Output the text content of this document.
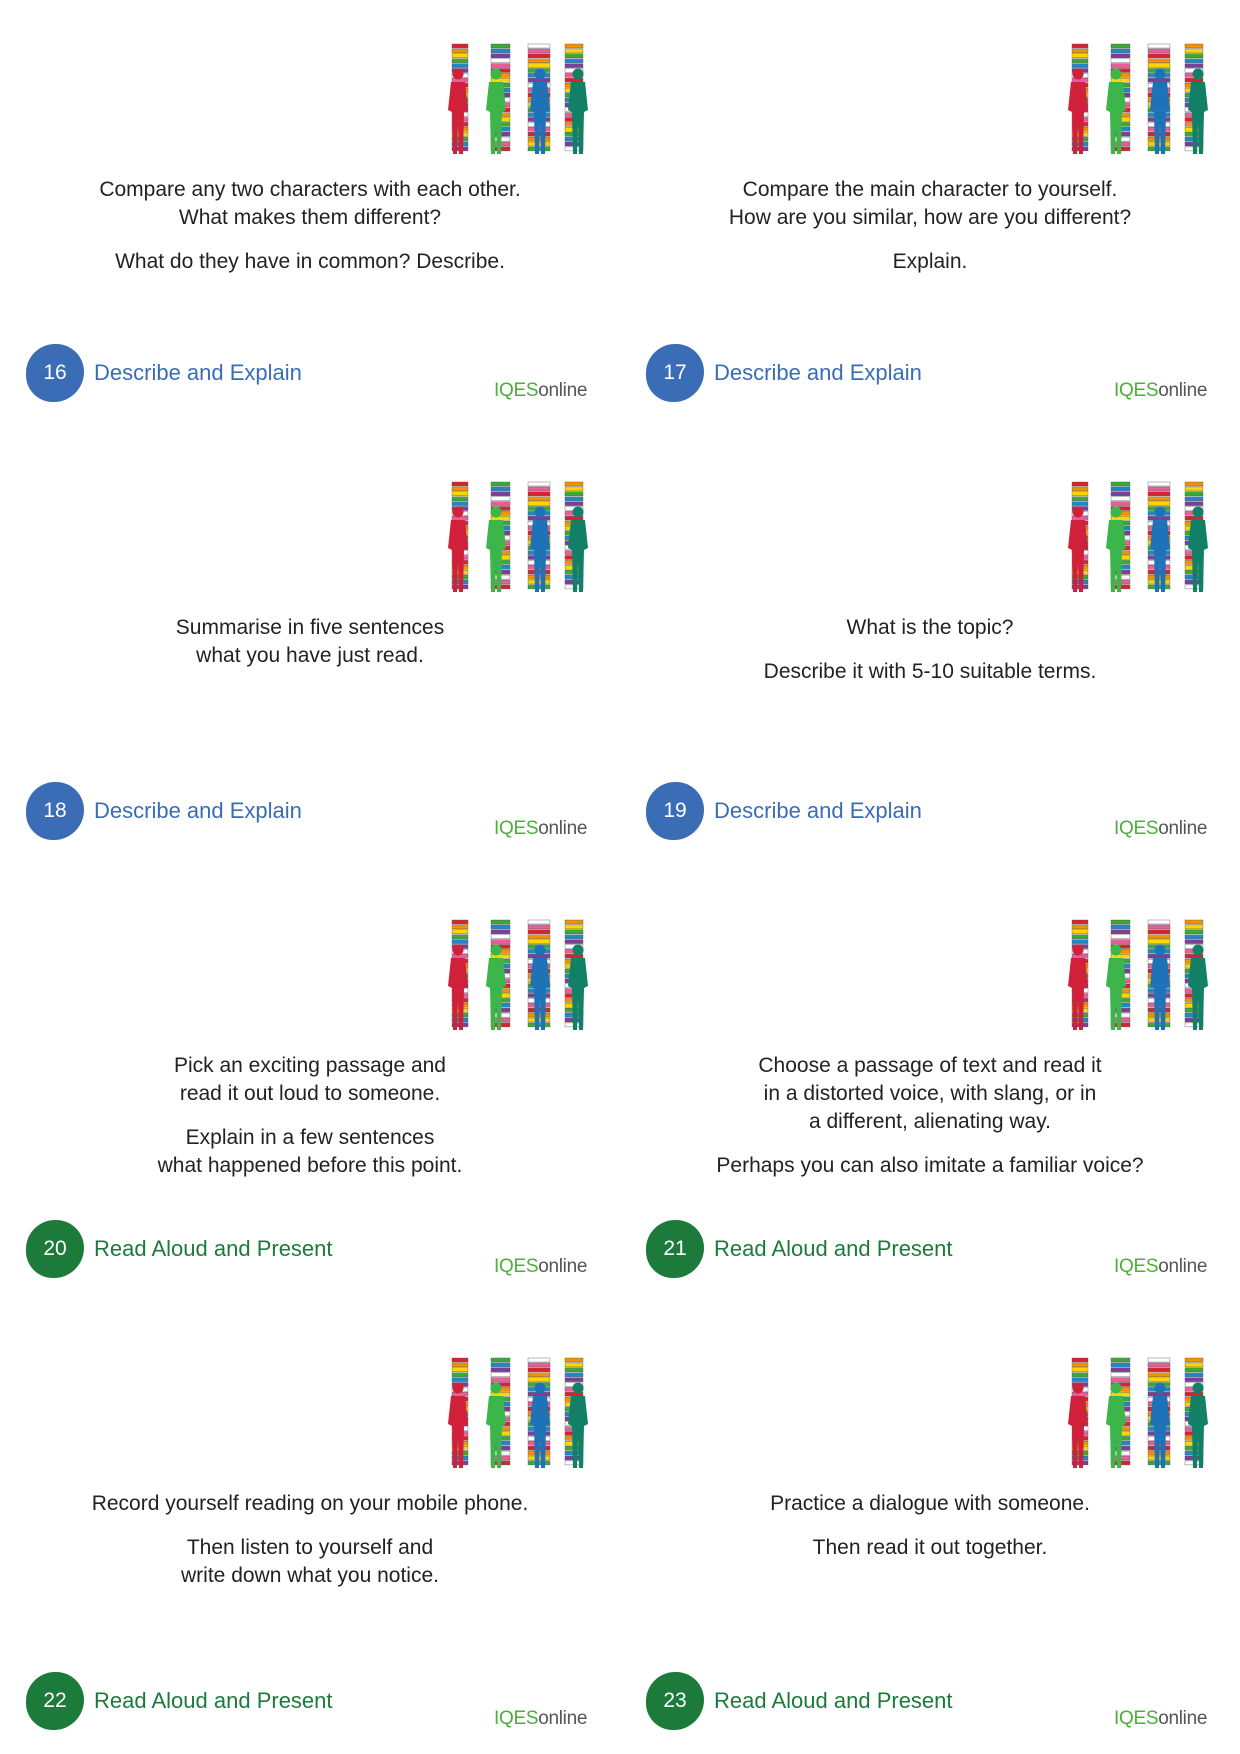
Compare any two characters with each other.
What makes them different?
What do they have in common? Describe.
16	Describe and Explain
IQESonline
Compare the main character to yourself.
How are you similar, how are you different?
Explain.
17	Describe and Explain
IQESonline
Summarise in five sentences
what you have just read.
18	Describe and Explain
IQESonline
What is the topic?
Describe it with 5-10 suitable terms.
19	Describe and Explain
IQESonline
Pick an exciting passage and
read it out loud to someone.
Explain in a few sentences
what happened before this point.
20	Read Aloud and Present
IQESonline
Choose a passage of text and read it
in a distorted voice, with slang, or in
a different, alienating way.
Perhaps you can also imitate a familiar voice?
21	Read Aloud and Present
IQESonline
Record yourself reading on your mobile phone.
Then listen to yourself and
write down what you notice.
22	Read Aloud and Present
IQESonline
Practice a dialogue with someone.
Then read it out together.
23	Read Aloud and Present
IQESonline
